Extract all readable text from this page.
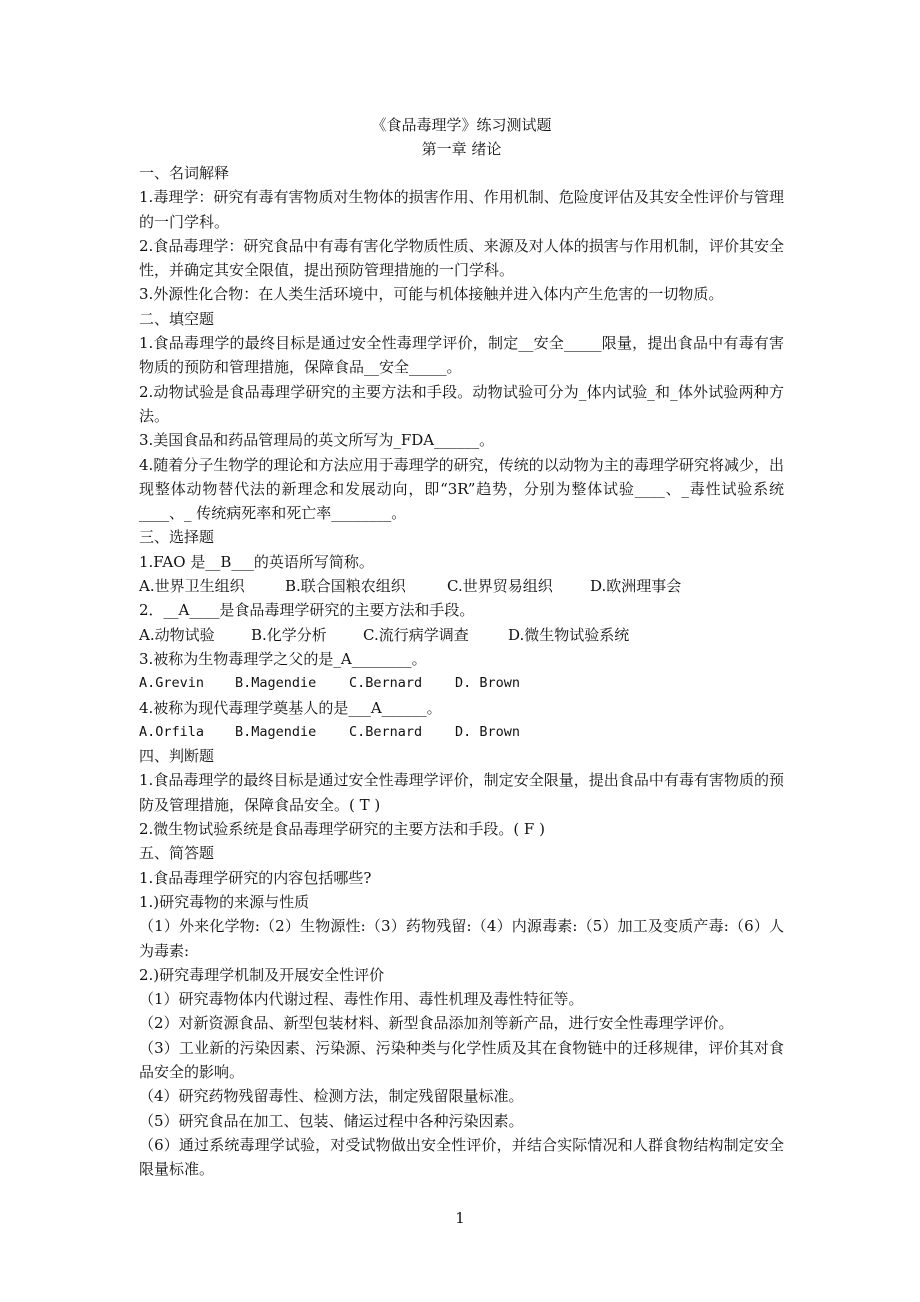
《食品毒理学》练习测试题
第一章 绪论
一、名词解释
1.毒理学：研究有毒有害物质对生物体的损害作用、作用机制、危险度评估及其安全性评价与管理的一门学科。
2.食品毒理学：研究食品中有毒有害化学物质性质、来源及对人体的损害与作用机制，评价其安全性，并确定其安全限值，提出预防管理措施的一门学科。
3.外源性化合物：在人类生活环境中，可能与机体接触并进入体内产生危害的一切物质。
二、填空题
1.食品毒理学的最终目标是通过安全性毒理学评价，制定__安全_____限量，提出食品中有毒有害物质的预防和管理措施，保障食品__安全_____。
2.动物试验是食品毒理学研究的主要方法和手段。动物试验可分为_体内试验_和_体外试验两种方法。
3.美国食品和药品管理局的英文所写为_FDA______。
4.随着分子生物学的理论和方法应用于毒理学的研究，传统的以动物为主的毒理学研究将减少，出现整体动物替代法的新理念和发展动向，即“3R”趋势，分别为整体试验____、_毒性试验系统____、_ 传统病死率和死亡率________。
三、选择题
1.FAO 是__B___的英语所写简称。
A.世界卫生组织	B.联合国粮农组织	C.世界贸易组织 D.欧洲理事会
2．__A____是食品毒理学研究的主要方法和手段。
A.动物试验 B.化学分析 C.流行病学调查	D.微生物试验系统
3.被称为生物毒理学之父的是_A________。
A.Grevin B.Magendie C.Bernard D. Brown
4.被称为现代毒理学奠基人的是___A______。
A.Orfila B.Magendie C.Bernard D. Brown
四、判断题
1.食品毒理学的最终目标是通过安全性毒理学评价，制定安全限量，提出食品中有毒有害物质的预防及管理措施，保障食品安全。( T )
2.微生物试验系统是食品毒理学研究的主要方法和手段。( F )
五、简答题
1.食品毒理学研究的内容包括哪些?
1.)研究毒物的来源与性质
（1）外来化学物:（2）生物源性:（3）药物残留:（4）内源毒素:（5）加工及变质产毒:（6）人为毒素:
2.)研究毒理学机制及开展安全性评价
（1）研究毒物体内代谢过程、毒性作用、毒性机理及毒性特征等。
（2）对新资源食品、新型包装材料、新型食品添加剂等新产品，进行安全性毒理学评价。
（3）工业新的污染因素、污染源、污染种类与化学性质及其在食物链中的迁移规律，评价其对食品安全的影响。
（4）研究药物残留毒性、检测方法，制定残留限量标准。
（5）研究食品在加工、包装、储运过程中各种污染因素。
（6）通过系统毒理学试验，对受试物做出安全性评价，并结合实际情况和人群食物结构制定安全限量标准。
1
